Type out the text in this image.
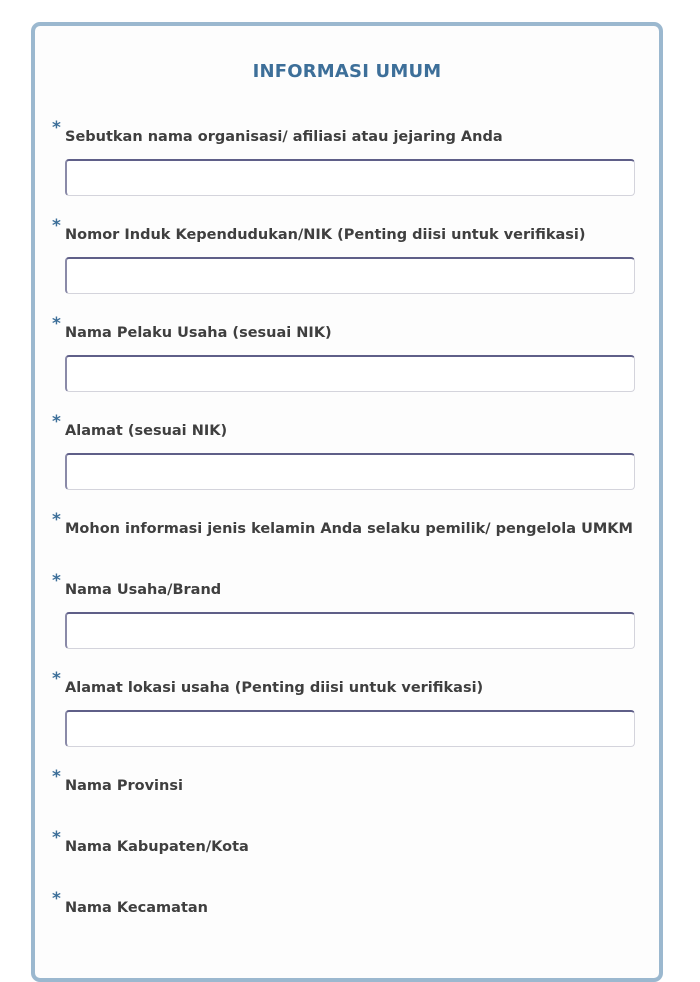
INFORMASI UMUM
* Sebutkan nama organisasi/ afiliasi atau jejaring Anda
* Nomor Induk Kependudukan/NIK (Penting diisi untuk verifikasi)
* Nama Pelaku Usaha (sesuai NIK)
* Alamat (sesuai NIK)
* Mohon informasi jenis kelamin Anda selaku pemilik/ pengelola UMKM
* Nama Usaha/Brand
* Alamat lokasi usaha (Penting diisi untuk verifikasi)
* Nama Provinsi
* Nama Kabupaten/Kota
* Nama Kecamatan
